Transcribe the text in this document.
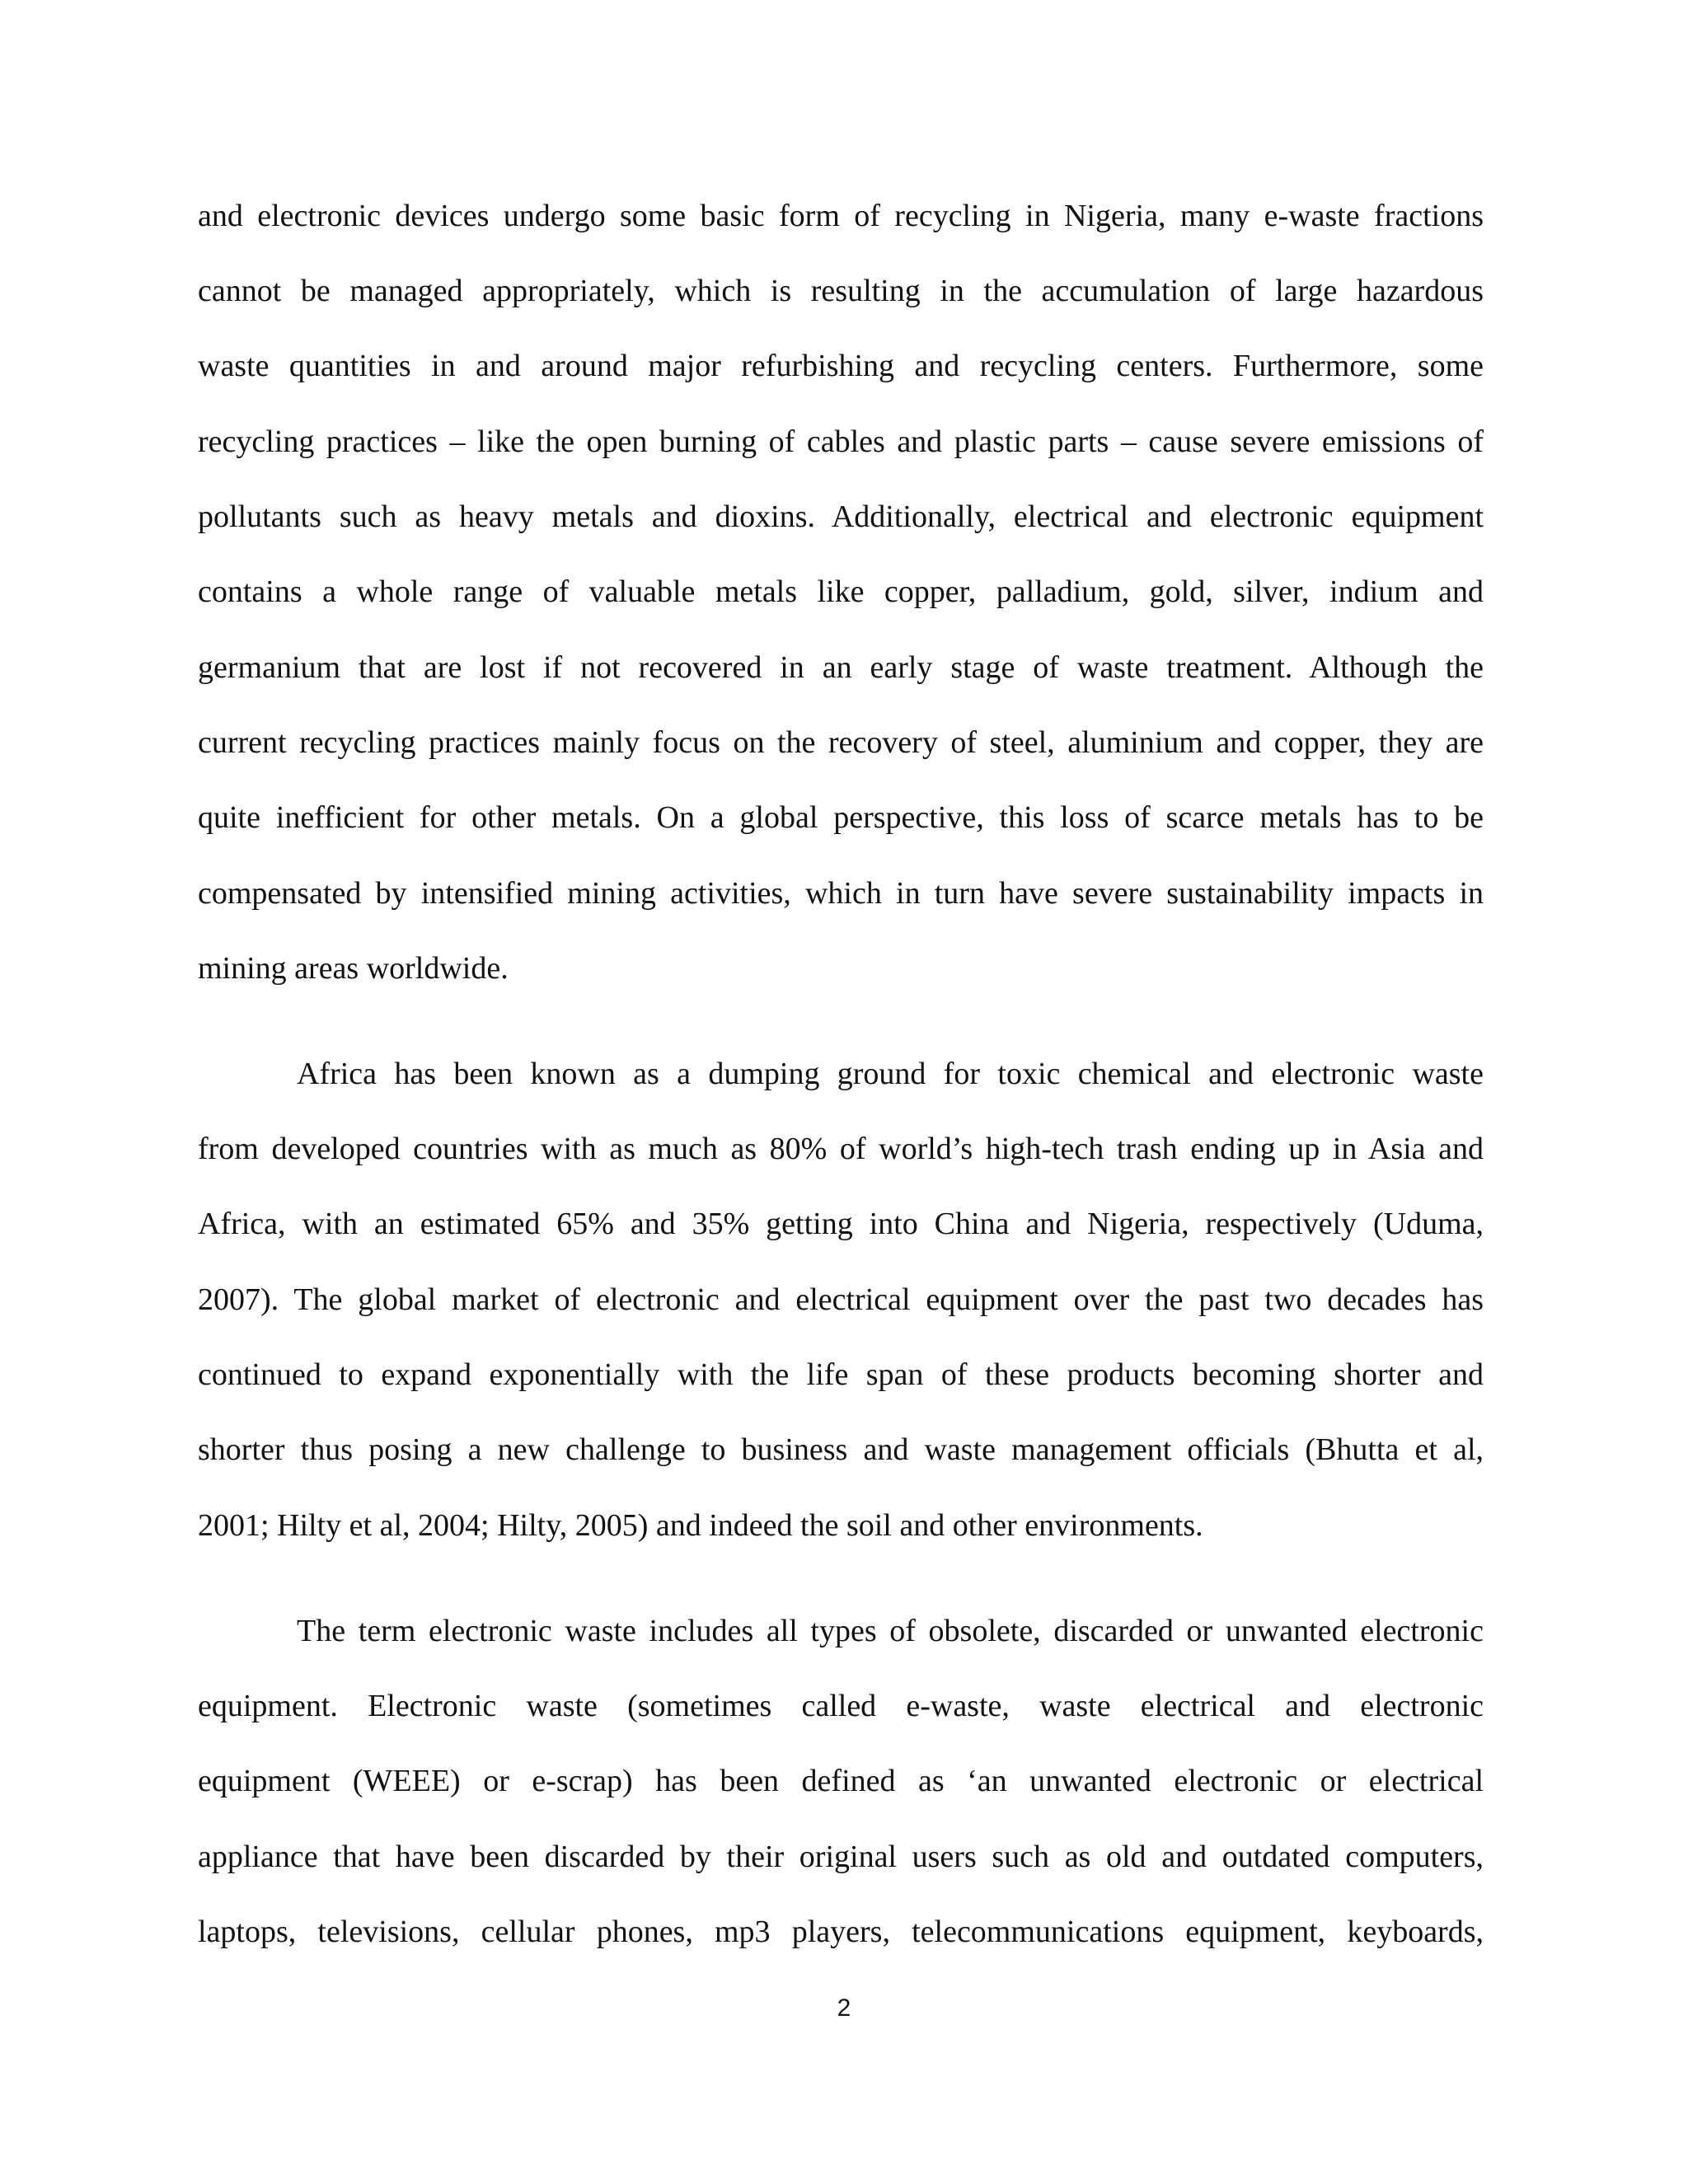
and electronic devices undergo some basic form of recycling in Nigeria, many e-waste fractions
cannot be managed appropriately, which is resulting in the accumulation of large hazardous
waste quantities in and around major refurbishing and recycling centers. Furthermore, some
recycling practices – like the open burning of cables and plastic parts – cause severe emissions of
pollutants such as heavy metals and dioxins. Additionally, electrical and electronic equipment
contains a whole range of valuable metals like copper, palladium, gold, silver, indium and
germanium that are lost if not recovered in an early stage of waste treatment. Although the
current recycling practices mainly focus on the recovery of steel, aluminium and copper, they are
quite inefficient for other metals. On a global perspective, this loss of scarce metals has to be
compensated by intensified mining activities, which in turn have severe sustainability impacts in
mining areas worldwide.
Africa has been known as a dumping ground for toxic chemical and electronic waste
from developed countries with as much as 80% of world’s high-tech trash ending up in Asia and
Africa, with an estimated 65% and 35% getting into China and Nigeria, respectively (Uduma,
2007). The global market of electronic and electrical equipment over the past two decades has
continued to expand exponentially with the life span of these products becoming shorter and
shorter thus posing a new challenge to business and waste management officials (Bhutta et al,
2001; Hilty et al, 2004; Hilty, 2005) and indeed the soil and other environments.
The term electronic waste includes all types of obsolete, discarded or unwanted electronic
equipment. Electronic waste (sometimes called e-waste, waste electrical and electronic
equipment (WEEE) or e-scrap) has been defined as ‘an unwanted electronic or electrical
appliance that have been discarded by their original users such as old and outdated computers,
laptops, televisions, cellular phones, mp3 players, telecommunications equipment, keyboards,
2
